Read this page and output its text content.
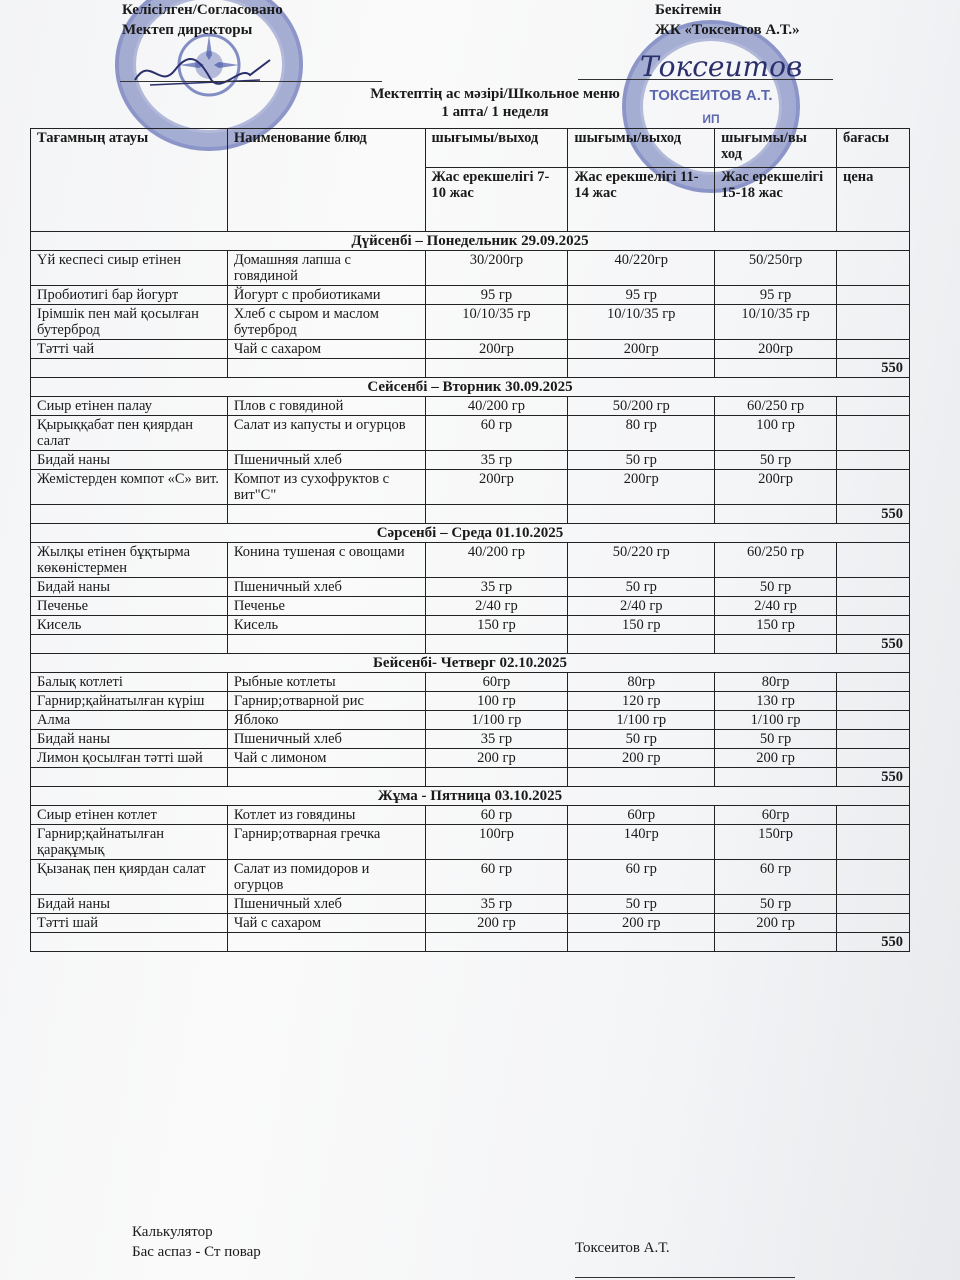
ТОКСЕИТОВ А.Т.
ИП
Келісілген/Согласовано
Мектеп директоры
Бекітемін
ЖК «Токсеитов А.Т.»
Токсеитов
Мектептің ас мәзірі/Школьное меню
1 апта/ 1 неделя
Тағамның атауы	Наименование блюд	шығымы/выход	шығымы/выход	шығымы/вы ход	бағасы
		Жас ерекшелігі 7-10 жас	Жас ерекшелігі 11-14 жас	Жас ерекшелігі 15-18 жас	цена
Дүйсенбі – Понедельник 29.09.2025					
Үй кеспесі сиыр етінен	Домашняя лапша с говядиной	30/200гр	40/220гр	50/250гр	
Пробиотигі бар йогурт	Йогурт с пробиотиками	95 гр	95 гр	95 гр	
Ірімшік пен май қосылған бутерброд	Хлеб с сыром и маслом бутерброд	10/10/35 гр	10/10/35 гр	10/10/35 гр	
Тәтті чай	Чай с сахаром	200гр	200гр	200гр	
					550
Сейсенбі – Вторник 30.09.2025					
Сиыр етінен палау	Плов с говядиной	40/200 гр	50/200 гр	60/250 гр	
Қырыққабат пен қиярдан салат	Салат из капусты и огурцов	60 гр	80 гр	100 гр	
Бидай наны	Пшеничный хлеб	35 гр	50 гр	50 гр	
Жемістерден компот «С» вит.	Компот из сухофруктов с вит"С"	200гр	200гр	200гр	
					550
Сәрсенбі – Среда 01.10.2025					
Жылқы етінен бұқтырма көкөністермен	Конина тушеная с овощами	40/200 гр	50/220 гр	60/250 гр	
Бидай наны	Пшеничный хлеб	35 гр	50 гр	50 гр	
Печенье	Печенье	2/40 гр	2/40 гр	2/40 гр	
Кисель	Кисель	150 гр	150 гр	150 гр	
					550
Бейсенбі- Четверг 02.10.2025					
Балық котлеті	Рыбные котлеты	60гр	80гр	80гр	
Гарнир;қайнатылған күріш	Гарнир;отварной рис	100 гр	120 гр	130 гр	
Алма	Яблоко	1/100 гр	1/100 гр	1/100 гр	
Бидай наны	Пшеничный хлеб	35 гр	50 гр	50 гр	
Лимон қосылған тәтті шәй	Чай с лимоном	200 гр	200 гр	200 гр	
					550
Жұма - Пятница 03.10.2025					
Сиыр етінен котлет	Котлет из говядины	60 гр	60гр	60гр	
Гарнир;қайнатылған қарақұмық	Гарнир;отварная гречка	100гр	140гр	150гр	
Қызанақ пен қиярдан салат	Салат из помидоров и огурцов	60 гр	60 гр	60 гр	
Бидай наны	Пшеничный хлеб	35 гр	50 гр	50 гр	
Тәтті шай	Чай с сахаром	200 гр	200 гр	200 гр	
					550
Калькулятор
Бас аспаз - Ст повар	Токсеитов А.Т.
